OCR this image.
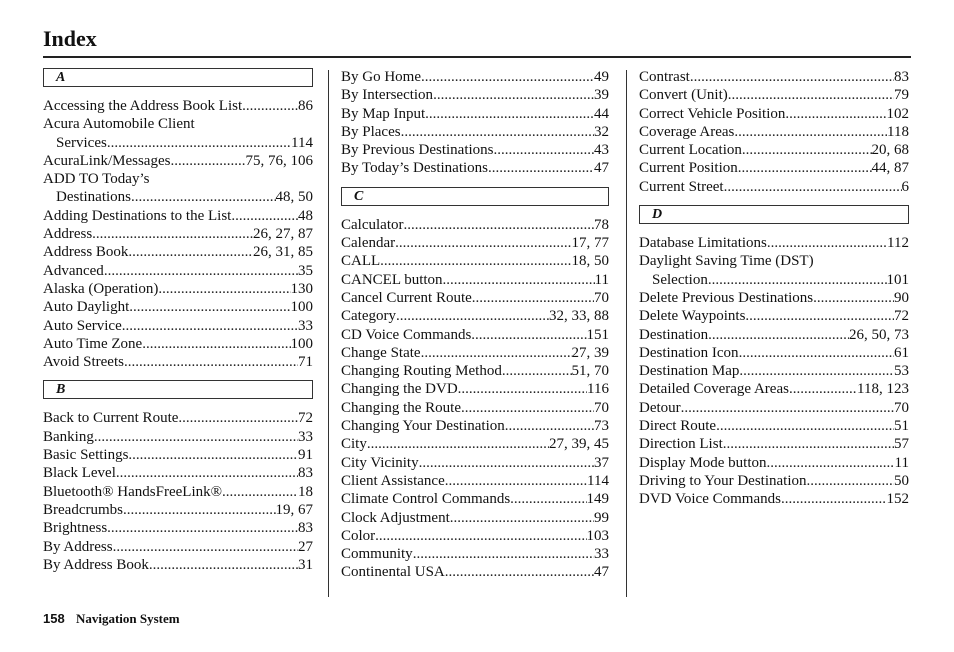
Index
A
Accessing the Address Book List .....	86
Acura Automobile Client
Services .....	114
AcuraLink/Messages .....	75, 76, 106
ADD TO Today’s
Destinations .....	48, 50
Adding Destinations to the List .....	48
Address .....	26, 27, 87
Address Book .....	26, 31, 85
Advanced .....	35
Alaska (Operation) .....	130
Auto Daylight .....	100
Auto Service .....	33
Auto Time Zone .....	100
Avoid Streets .....	71
B
Back to Current Route .....	72
Banking .....	33
Basic Settings .....	91
Black Level .....	83
Bluetooth® HandsFreeLink® .....	18
Breadcrumbs .....	19, 67
Brightness .....	83
By Address .....	27
By Address Book .....	31
By Go Home .....	49
By Intersection .....	39
By Map Input .....	44
By Places .....	32
By Previous Destinations .....	43
By Today’s Destinations .....	47
C
Calculator .....	78
Calendar .....	17, 77
CALL .....	18, 50
CANCEL button .....	11
Cancel Current Route .....	70
Category .....	32, 33, 88
CD Voice Commands .....	151
Change State .....	27, 39
Changing Routing Method .....	51, 70
Changing the DVD .....	116
Changing the Route .....	70
Changing Your Destination .....	73
City .....	27, 39, 45
City Vicinity .....	37
Client Assistance .....	114
Climate Control Commands .....	149
Clock Adjustment .....	99
Color .....	103
Community .....	33
Continental USA .....	47
Contrast .....	83
Convert (Unit) .....	79
Correct Vehicle Position .....	102
Coverage Areas .....	118
Current Location .....	20, 68
Current Position .....	44, 87
Current Street .....	6
D
Database Limitations .....	112
Daylight Saving Time (DST)
Selection .....	101
Delete Previous Destinations .....	90
Delete Waypoints .....	72
Destination .....	26, 50, 73
Destination Icon .....	61
Destination Map .....	53
Detailed Coverage Areas .....	118, 123
Detour .....	70
Direct Route .....	51
Direction List .....	57
Display Mode button .....	11
Driving to Your Destination .....	50
DVD Voice Commands .....	152
158 Navigation System
